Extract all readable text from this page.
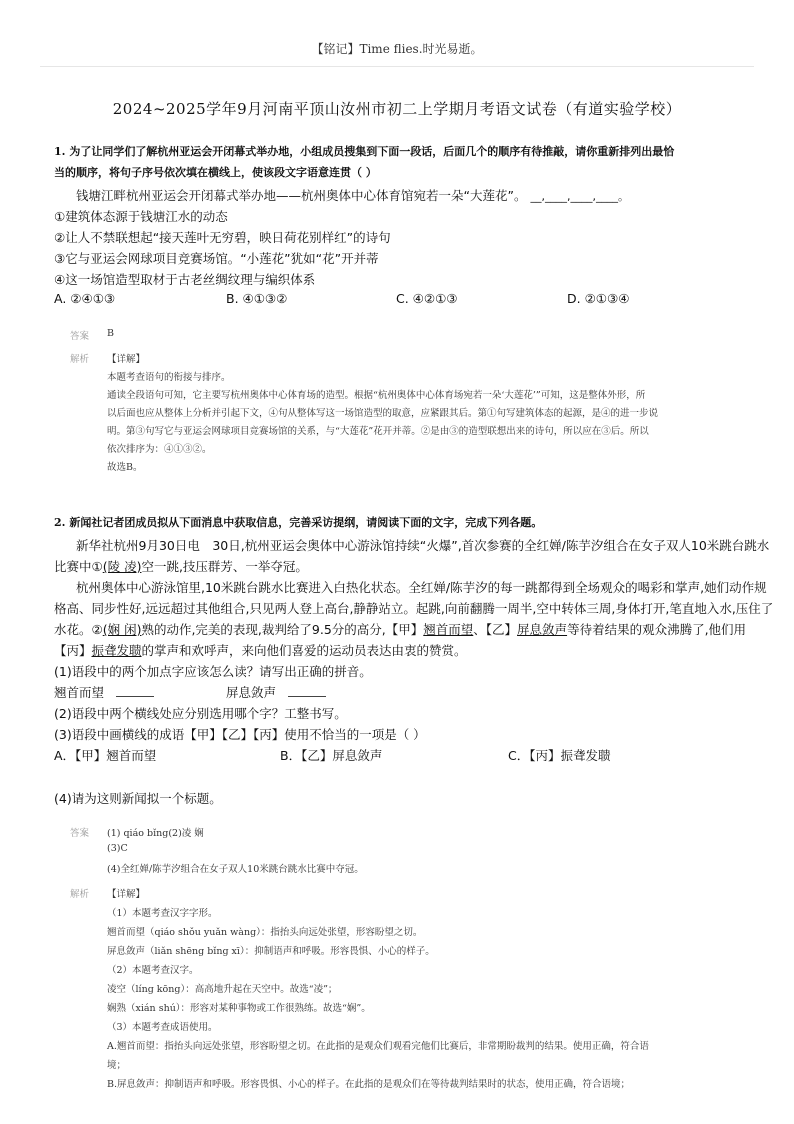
【铭记】Time flies.时光易逝。
2024~2025学年9月河南平顶山汝州市初二上学期月考语文试卷（有道实验学校）
1. 为了让同学们了解杭州亚运会开闭幕式举办地，小组成员搜集到下面一段话，后面几个的顺序有待推敲，请你重新排列出最恰
当的顺序，将句子序号依次填在横线上，使该段文字语意连贯（ ）
钱塘江畔杭州亚运会开闭幕式举办地——杭州奥体中心体育馆宛若一朵“大莲花”。 __,____,____,____。
①建筑体态源于钱塘江水的动态
②让人不禁联想起“接天莲叶无穷碧，映日荷花别样红”的诗句
③它与亚运会网球项目竞赛场馆。“小莲花”犹如“花”开并蒂
④这一场馆造型取材于古老丝绸纹理与编织体系
A. ②④①③	B. ④①③②	C. ④②①③	D. ②①③④
答案 B
解析 【详解】
本题考查语句的衔接与排序。
通读全段语句可知，它主要写杭州奥体中心体育场的造型。根据“杭州奥体中心体育场宛若一朵‘大莲花’”可知，这是整体外形，所
以后面也应从整体上分析并引起下文，④句从整体写这一场馆造型的取意，应紧跟其后。第①句写建筑体态的起源，是④的进一步说
明。第③句写它与亚运会网球项目竞赛场馆的关系，与“大莲花”花开并蒂。②是由③的造型联想出来的诗句，所以应在③后。所以
依次排序为：④①③②。
故选B。
2. 新闻社记者团成员拟从下面消息中获取信息，完善采访提纲，请阅读下面的文字，完成下列各题。
新华社杭州9月30日电　30日,杭州亚运会奥体中心游泳馆持续“火爆”,首次参赛的全红婵/陈芋汐组合在女子双人10米跳台跳水
比赛中①(陵 凌)空一跳,技压群芳、一举夺冠。
杭州奥体中心游泳馆里,10米跳台跳水比赛进入白热化状态。全红婵/陈芋汐的每一跳都得到全场观众的喝彩和掌声,她们动作规
格高、同步性好,远远超过其他组合,只见两人登上高台,静静站立。起跳,向前翻腾一周半,空中转体三周,身体打开,笔直地入水,压住了
水花。②(娴 闲)熟的动作,完美的表现,裁判给了9.5分的高分,【甲】翘首而望、【乙】屏息敛声等待着结果的观众沸腾了,他们用
【丙】振聋发聩的掌声和欢呼声，来向他们喜爱的运动员表达由衷的赞赏。
(1)语段中的两个加点字应该怎么读？请写出正确的拼音。
翘首而望	屏息敛声
(2)语段中两个横线处应分别选用哪个字？工整书写。
(3)语段中画横线的成语【甲】【乙】【丙】使用不恰当的一项是（ ）
A．【甲】翘首而望	B．【乙】屏息敛声	C．【丙】振聋发聩
(4)请为这则新闻拟一个标题。
答案 (1) qiáo bǐng(2)凌 娴
(3)C
(4)全红婵/陈芋汐组合在女子双人10米跳台跳水比赛中夺冠。
解析 【详解】
（1）本题考查汉字字形。
翘首而望（qiáo shǒu yuǎn wàng）：指抬头向远处张望，形容盼望之切。
屏息敛声（liǎn shēng bǐng xī）：抑制语声和呼吸。形容畏惧、小心的样子。
（2）本题考查汉字。
凌空（líng kōng）：高高地升起在天空中。故选“凌”；
娴熟（xián shú）：形容对某种事物或工作很熟练。故选“娴”。
（3）本题考查成语使用。
A.翘首而望：指抬头向远处张望，形容盼望之切。在此指的是观众们观看完他们比赛后，非常期盼裁判的结果。使用正确，符合语
境；
B.屏息敛声：抑制语声和呼吸。形容畏惧、小心的样子。在此指的是观众们在等待裁判结果时的状态，使用正确，符合语境；
